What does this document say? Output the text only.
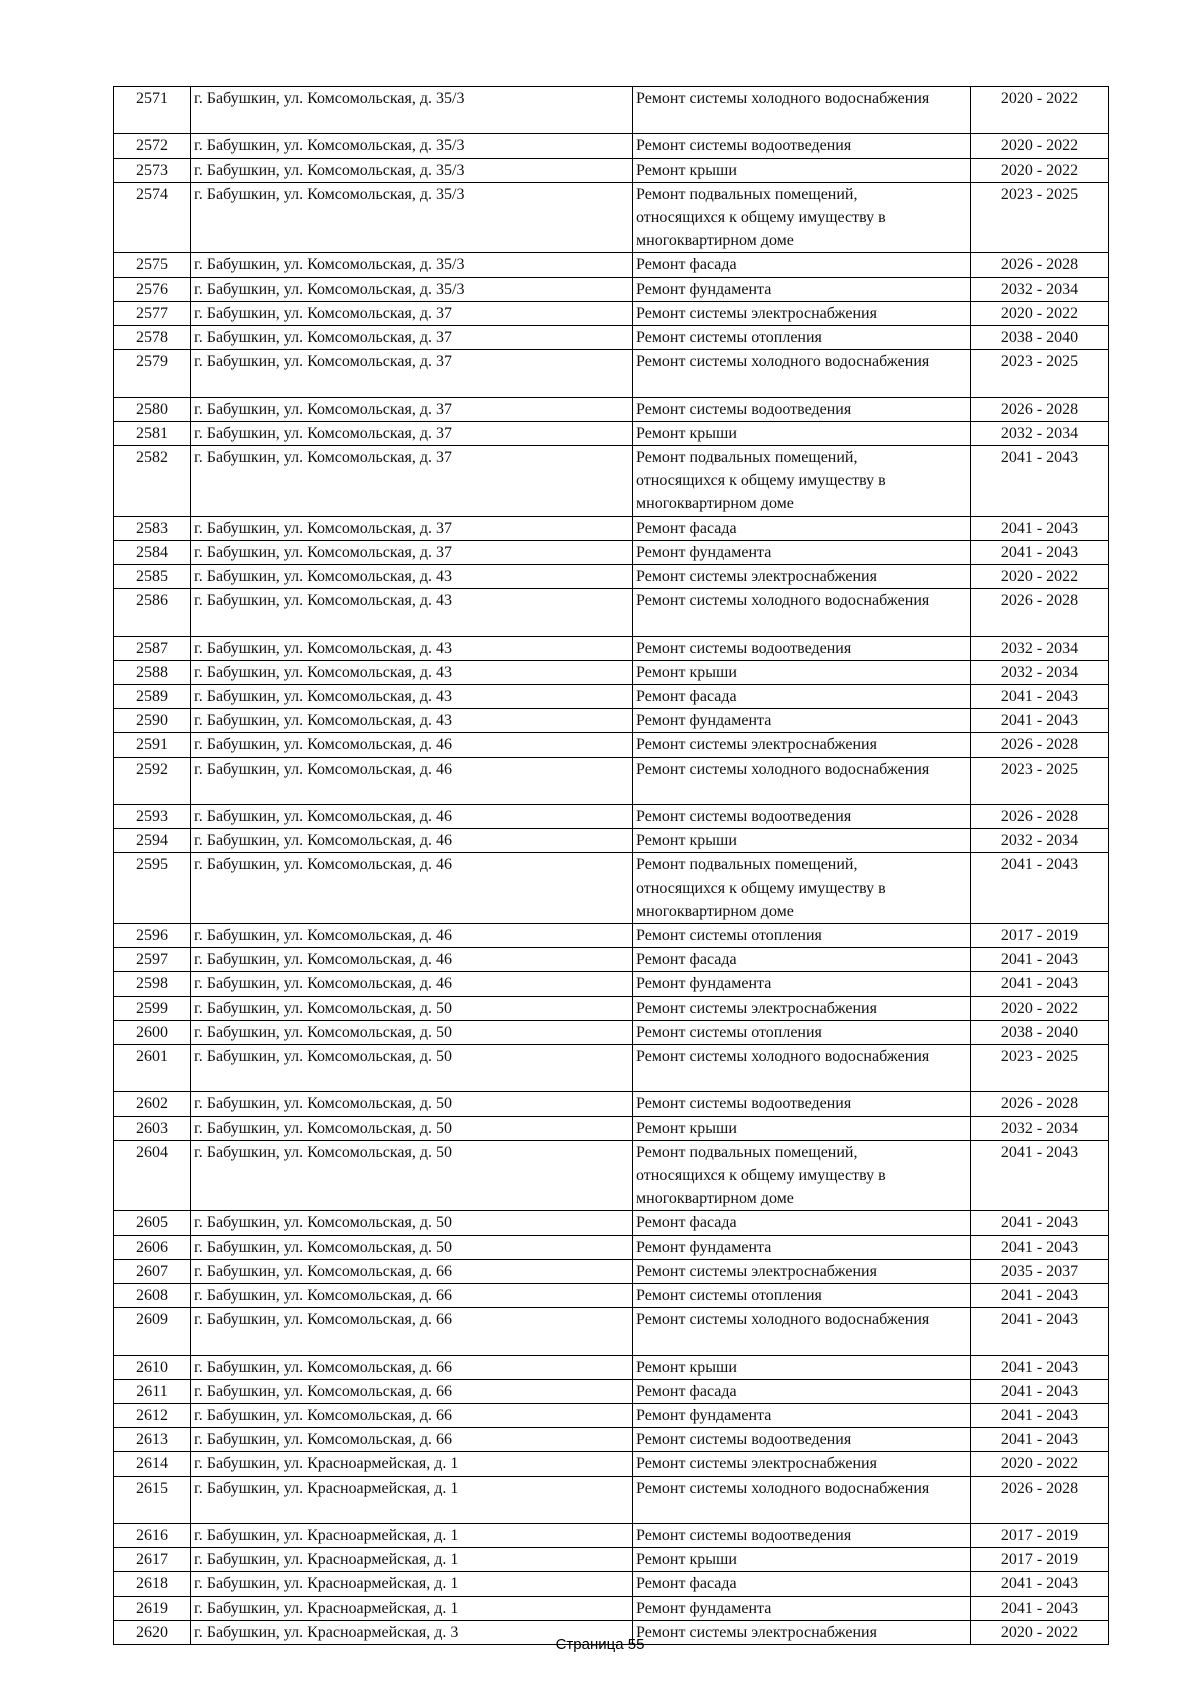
2571	г. Бабушкин, ул. Комсомольская, д. 35/3	Ремонт системы холодного водоснабжения	2020 - 2022
2572	г. Бабушкин, ул. Комсомольская, д. 35/3	Ремонт системы водоотведения	2020 - 2022
2573	г. Бабушкин, ул. Комсомольская, д. 35/3	Ремонт крыши	2020 - 2022
2574	г. Бабушкин, ул. Комсомольская, д. 35/3	Ремонт подвальных помещений,
относящихся к общему имуществу в
многоквартирном доме	2023 - 2025
2575	г. Бабушкин, ул. Комсомольская, д. 35/3	Ремонт фасада	2026 - 2028
2576	г. Бабушкин, ул. Комсомольская, д. 35/3	Ремонт фундамента	2032 - 2034
2577	г. Бабушкин, ул. Комсомольская, д. 37	Ремонт системы электроснабжения	2020 - 2022
2578	г. Бабушкин, ул. Комсомольская, д. 37	Ремонт системы отопления	2038 - 2040
2579	г. Бабушкин, ул. Комсомольская, д. 37	Ремонт системы холодного водоснабжения	2023 - 2025
2580	г. Бабушкин, ул. Комсомольская, д. 37	Ремонт системы водоотведения	2026 - 2028
2581	г. Бабушкин, ул. Комсомольская, д. 37	Ремонт крыши	2032 - 2034
2582	г. Бабушкин, ул. Комсомольская, д. 37	Ремонт подвальных помещений,
относящихся к общему имуществу в
многоквартирном доме	2041 - 2043
2583	г. Бабушкин, ул. Комсомольская, д. 37	Ремонт фасада	2041 - 2043
2584	г. Бабушкин, ул. Комсомольская, д. 37	Ремонт фундамента	2041 - 2043
2585	г. Бабушкин, ул. Комсомольская, д. 43	Ремонт системы электроснабжения	2020 - 2022
2586	г. Бабушкин, ул. Комсомольская, д. 43	Ремонт системы холодного водоснабжения	2026 - 2028
2587	г. Бабушкин, ул. Комсомольская, д. 43	Ремонт системы водоотведения	2032 - 2034
2588	г. Бабушкин, ул. Комсомольская, д. 43	Ремонт крыши	2032 - 2034
2589	г. Бабушкин, ул. Комсомольская, д. 43	Ремонт фасада	2041 - 2043
2590	г. Бабушкин, ул. Комсомольская, д. 43	Ремонт фундамента	2041 - 2043
2591	г. Бабушкин, ул. Комсомольская, д. 46	Ремонт системы электроснабжения	2026 - 2028
2592	г. Бабушкин, ул. Комсомольская, д. 46	Ремонт системы холодного водоснабжения	2023 - 2025
2593	г. Бабушкин, ул. Комсомольская, д. 46	Ремонт системы водоотведения	2026 - 2028
2594	г. Бабушкин, ул. Комсомольская, д. 46	Ремонт крыши	2032 - 2034
2595	г. Бабушкин, ул. Комсомольская, д. 46	Ремонт подвальных помещений,
относящихся к общему имуществу в
многоквартирном доме	2041 - 2043
2596	г. Бабушкин, ул. Комсомольская, д. 46	Ремонт системы отопления	2017 - 2019
2597	г. Бабушкин, ул. Комсомольская, д. 46	Ремонт фасада	2041 - 2043
2598	г. Бабушкин, ул. Комсомольская, д. 46	Ремонт фундамента	2041 - 2043
2599	г. Бабушкин, ул. Комсомольская, д. 50	Ремонт системы электроснабжения	2020 - 2022
2600	г. Бабушкин, ул. Комсомольская, д. 50	Ремонт системы отопления	2038 - 2040
2601	г. Бабушкин, ул. Комсомольская, д. 50	Ремонт системы холодного водоснабжения	2023 - 2025
2602	г. Бабушкин, ул. Комсомольская, д. 50	Ремонт системы водоотведения	2026 - 2028
2603	г. Бабушкин, ул. Комсомольская, д. 50	Ремонт крыши	2032 - 2034
2604	г. Бабушкин, ул. Комсомольская, д. 50	Ремонт подвальных помещений,
относящихся к общему имуществу в
многоквартирном доме	2041 - 2043
2605	г. Бабушкин, ул. Комсомольская, д. 50	Ремонт фасада	2041 - 2043
2606	г. Бабушкин, ул. Комсомольская, д. 50	Ремонт фундамента	2041 - 2043
2607	г. Бабушкин, ул. Комсомольская, д. 66	Ремонт системы электроснабжения	2035 - 2037
2608	г. Бабушкин, ул. Комсомольская, д. 66	Ремонт системы отопления	2041 - 2043
2609	г. Бабушкин, ул. Комсомольская, д. 66	Ремонт системы холодного водоснабжения	2041 - 2043
2610	г. Бабушкин, ул. Комсомольская, д. 66	Ремонт крыши	2041 - 2043
2611	г. Бабушкин, ул. Комсомольская, д. 66	Ремонт фасада	2041 - 2043
2612	г. Бабушкин, ул. Комсомольская, д. 66	Ремонт фундамента	2041 - 2043
2613	г. Бабушкин, ул. Комсомольская, д. 66	Ремонт системы водоотведения	2041 - 2043
2614	г. Бабушкин, ул. Красноармейская, д. 1	Ремонт системы электроснабжения	2020 - 2022
2615	г. Бабушкин, ул. Красноармейская, д. 1	Ремонт системы холодного водоснабжения	2026 - 2028
2616	г. Бабушкин, ул. Красноармейская, д. 1	Ремонт системы водоотведения	2017 - 2019
2617	г. Бабушкин, ул. Красноармейская, д. 1	Ремонт крыши	2017 - 2019
2618	г. Бабушкин, ул. Красноармейская, д. 1	Ремонт фасада	2041 - 2043
2619	г. Бабушкин, ул. Красноармейская, д. 1	Ремонт фундамента	2041 - 2043
2620	г. Бабушкин, ул. Красноармейская, д. 3	Ремонт системы электроснабжения	2020 - 2022
Страница 55
